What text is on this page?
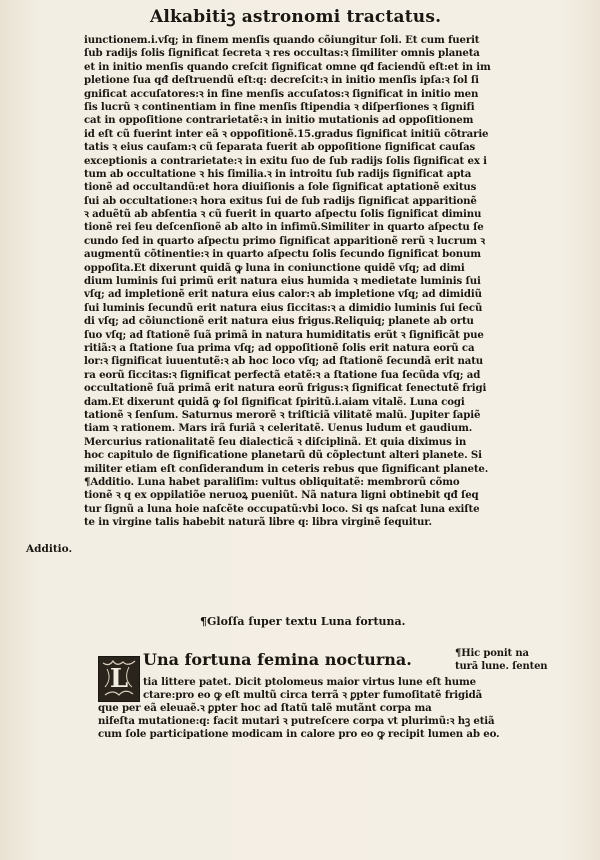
Alkabitiꝫ astronomi tractatus.
iunctionem.i.vſq; in finem menſis quando cõiungitur ſoli. Et cum fuerit
ſub radijs ſolis ſignificat ſecreta ꝛ res occultas:ꝛ ſimiliter omnis planeta
et in initio menſis quando creſcit ſignificat omne qđ faciendũ eſt:et in im
pletione ſua qđ deſtruendũ eſt:q: decreſcit:ꝛ in initio menſis ipſa:ꝛ ſol ſi
gnificat accuſatores:ꝛ in fine menſis accuſatos:ꝛ ſignificat in initio men
ſis lucrũ ꝛ continentiam in fine menſis ſtipendia ꝛ diſperſiones ꝛ ſignifi
cat in oppoſitione contrarietatẽ:ꝛ in initio mutationis ad oppoſitionem
id eſt cũ fuerint inter eã ꝛ oppoſitionẽ.15.gradus ſignificat initiũ cõtrarie
tatis ꝛ eius cauſam:ꝛ cũ ſeparata fuerit ab oppoſitione ſignificat cauſas
exceptionis a contrarietate:ꝛ in exitu ſuo de ſub radijs ſolis ſignificat ex i
tum ab occultatione ꝛ his ſimilia.ꝛ in introitu ſub radijs ſignificat apta
tionẽ ad occultandũ:et hora diuiſionis a ſole ſignificat aptationẽ exitus
ſui ab occultatione:ꝛ hora exitus ſui de ſub radijs ſignificat apparitionẽ
ꝛ aduẽtũ ab abſentia ꝛ cũ fuerit in quarto aſpectu ſolis ſignificat diminu
tionẽ rei ſeu deſcenſionẽ ab alto in infimũ.Similiter in quarto aſpectu ſe
cundo ſed in quarto aſpectu primo ſignificat apparitionẽ rerũ ꝛ lucrum ꝛ
augmentũ cõtinentie:ꝛ in quarto aſpectu ſolis ſecundo ſignificat bonum
oppoſita.Et dixerunt quidã ꝙ luna in coniunctione quidẽ vſq; ad dimi
dium luminis ſui primũ erit natura eius humida ꝛ medietate luminis ſui
vſq; ad impletionẽ erit natura eius calor:ꝛ ab impletione vſq; ad dimidiũ
ſui luminis ſecundũ erit natura eius ſiccitas:ꝛ a dimidio luminis ſui ſecũ
di vſq; ad cõiunctionẽ erit natura eius frigus.Reliquiq; planete ab ortu
ſuo vſq; ad ſtationẽ ſuã primã in natura humiditatis erũt ꝛ ſignificãt pue
ritiã:ꝛ a ſtatione ſua prima vſq; ad oppoſitionẽ ſolis erit natura eorũ ca
lor:ꝛ ſignificat iuuentutẽ:ꝛ ab hoc loco vſq; ad ſtationẽ ſecundã erit natu
ra eorũ ſiccitas:ꝛ ſignificat perfectã etatẽ:ꝛ a ſtatione ſua ſecũda vſq; ad
occultationẽ ſuã primã erit natura eorũ frigus:ꝛ ſignificat ſenectutẽ frigi
dam.Et dixerunt quidã ꝙ ſol ſignificat ſpiritũ.i.aiam vitalẽ. Luna cogi
tationẽ ꝛ ſenſum. Saturnus merorẽ ꝛ triſticiã vilitatẽ malũ. Jupiter ſapiẽ
tiam ꝛ rationem. Mars irã furiã ꝛ celeritatẽ. Uenus ludum et gaudium.
Mercurius rationalitatẽ ſeu dialecticã ꝛ diſciplinã. Et quia diximus in
hoc capitulo de ſignificatione planetarũ dũ cõplectunt alteri planete. Si
militer etiam eſt conſiderandum in ceteris rebus que ſignificant planete.
¶Additio. Luna habet paraliſim: vultus obliquitatẽ: membrorũ cõmo
tionẽ ꝛ q ex oppilatiõe neruoꝝ pueniũt. Nã natura ligni obtinebit qđ ſeq
tur ſignũ a luna hoie naſcẽte occupatũ:vbi loco. Si qs naſcat luna exiſte
te in virgine talis habebit naturã libre q: libra virginẽ ſequitur.
Additio.
¶Gloſſa ſuper textu Luna fortuna.
L
Una fortuna femina nocturna.	¶Hic ponit na
turã lune. ſenten
tia littere patet. Dicit ptolomeus maior virtus lune eſt hume
ctare:pro eo ꝙ eſt multũ circa terrã ꝛ ꝑpter fumoſitatẽ frigidã
que per eã eleuaẽ.ꝛ ꝑpter hoc ad ſtatũ talẽ mutãnt corpa ma
nifeſta mutatione:q: facit mutari ꝛ putreſcere corpa vt plurimũ:ꝛ hꝫ etiã
cum ſole participatione modicam in calore pro eo ꝙ recipit lumen ab eo.
